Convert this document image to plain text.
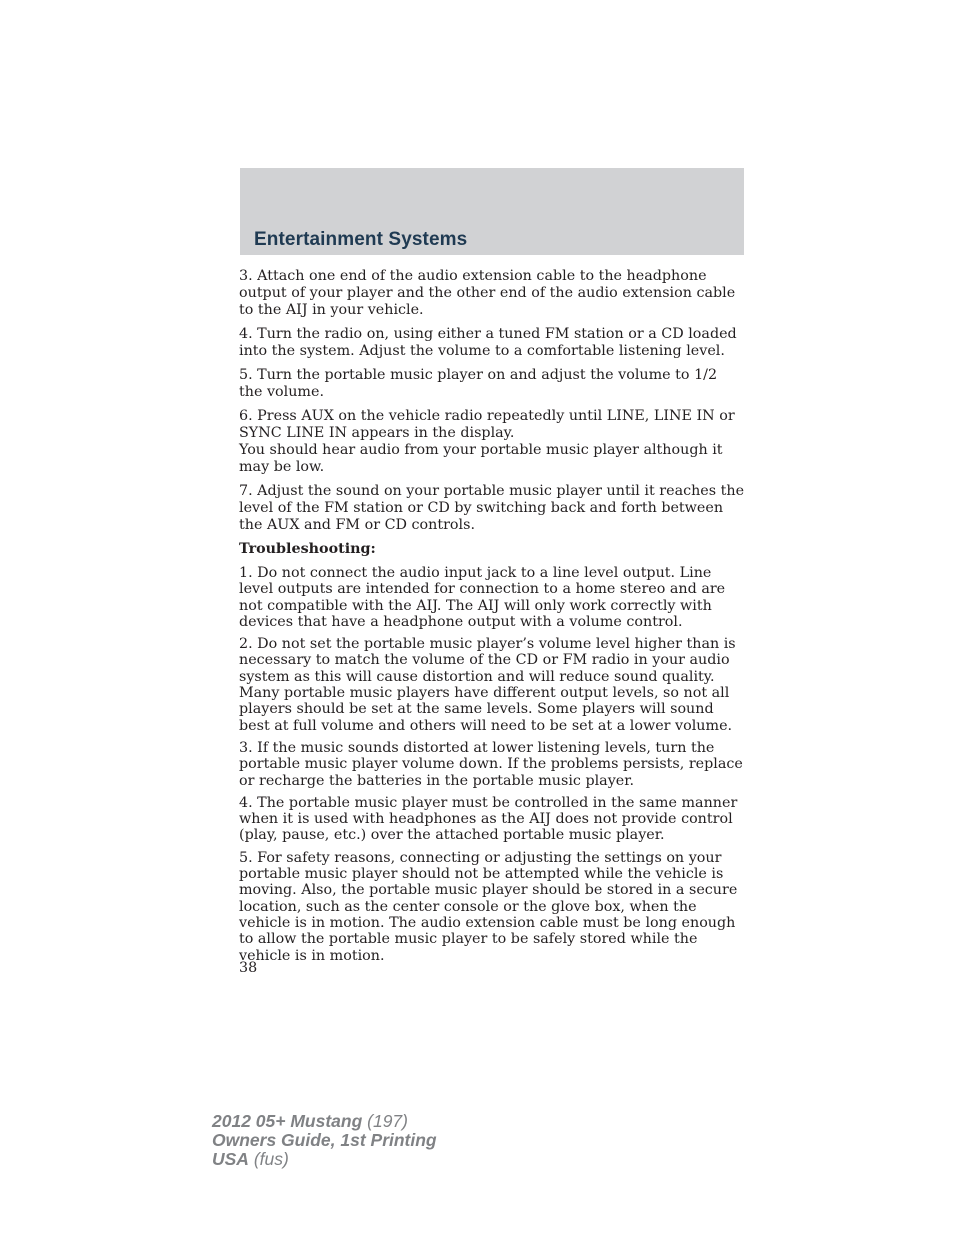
Entertainment Systems

3. Attach one end of the audio extension cable to the headphone output of your player and the other end of the audio extension cable to the AIJ in your vehicle.

4. Turn the radio on, using either a tuned FM station or a CD loaded into the system. Adjust the volume to a comfortable listening level.

5. Turn the portable music player on and adjust the volume to 1/2 the volume.

6. Press AUX on the vehicle radio repeatedly until LINE, LINE IN or SYNC LINE IN appears in the display.

You should hear audio from your portable music player although it may be low.

7. Adjust the sound on your portable music player until it reaches the level of the FM station or CD by switching back and forth between the AUX and FM or CD controls.

Troubleshooting:

1. Do not connect the audio input jack to a line level output. Line level outputs are intended for connection to a home stereo and are not compatible with the AIJ. The AIJ will only work correctly with devices that have a headphone output with a volume control.

2. Do not set the portable music player’s volume level higher than is necessary to match the volume of the CD or FM radio in your audio system as this will cause distortion and will reduce sound quality. Many portable music players have different output levels, so not all players should be set at the same levels. Some players will sound best at full volume and others will need to be set at a lower volume.

3. If the music sounds distorted at lower listening levels, turn the portable music player volume down. If the problems persists, replace or recharge the batteries in the portable music player.

4. The portable music player must be controlled in the same manner when it is used with headphones as the AIJ does not provide control (play, pause, etc.) over the attached portable music player.

5. For safety reasons, connecting or adjusting the settings on your portable music player should not be attempted while the vehicle is moving. Also, the portable music player should be stored in a secure location, such as the center console or the glove box, when the vehicle is in motion. The audio extension cable must be long enough to allow the portable music player to be safely stored while the vehicle is in motion.

38
2012 05+ Mustang (197)
Owners Guide, 1st Printing
USA (fus)
